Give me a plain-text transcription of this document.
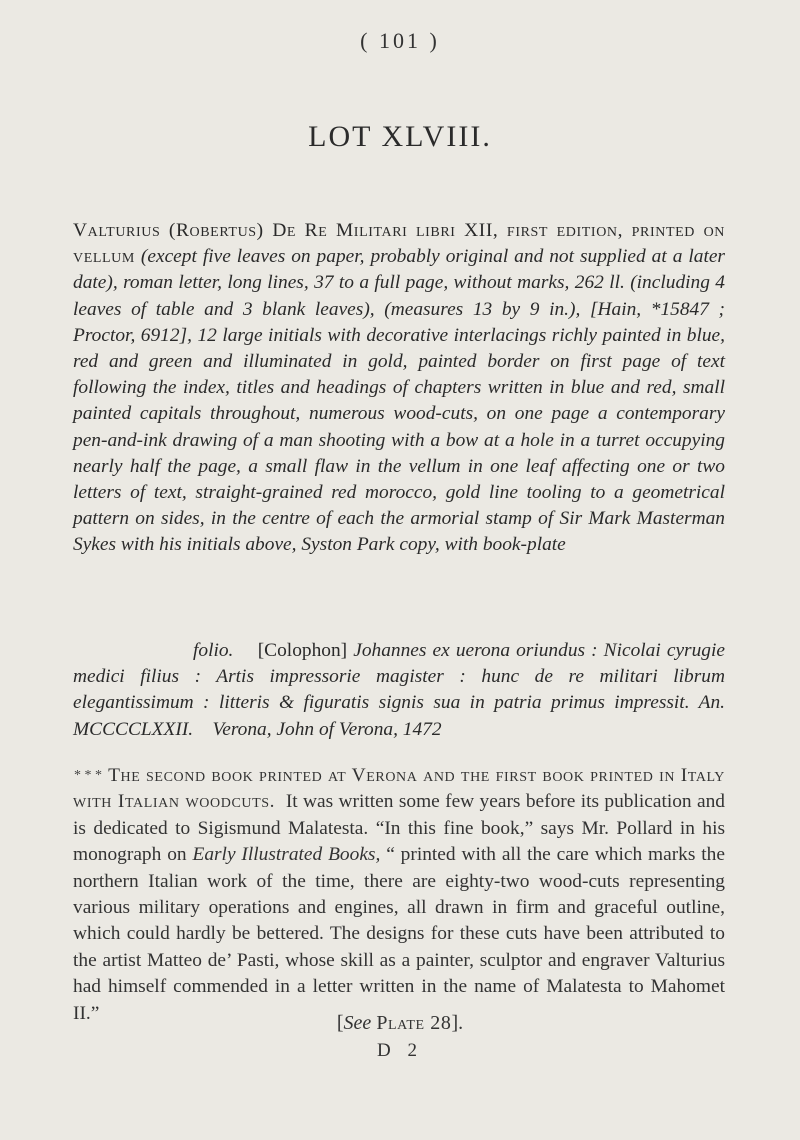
( 101 )
LOT XLVIII.

Valturius (Robertus) De Re Militari libri XII, first edition, printed on vellum (except five leaves on paper, probably original and not supplied at a later date), roman letter, long lines, 37 to a full page, without marks, 262 ll. (including 4 leaves of table and 3 blank leaves), (measures 13 by 9 in.), [Hain, *15847 ; Proctor, 6912], 12 large initials with decorative interlacings richly painted in blue, red and green and illuminated in gold, painted border on first page of text following the index, titles and headings of chapters written in blue and red, small painted capitals throughout, numerous wood-cuts, on one page a contemporary pen-and-ink drawing of a man shooting with a bow at a hole in a turret occupying nearly half the page, a small flaw in the vellum in one leaf affecting one or two letters of text, straight-grained red morocco, gold line tooling to a geometrical pattern on sides, in the centre of each the armorial stamp of Sir Mark Masterman Sykes with his initials above, Syston Park copy, with book-plate

folio. [Colophon] Johannes ex uerona oriundus : Nicolai cyrugie medici filius : Artis impressorie magister : hunc de re militari librum elegantissimum : litteris & figuratis signis sua in patria primus impressit. An. MCCCCLXXII. Verona, John of Verona, 1472

* * * The second book printed at Verona and the first book printed in Italy with Italian woodcuts. It was written some few years before its publication and is dedicated to Sigismund Malatesta. “In this fine book,” says Mr. Pollard in his monograph on Early Illustrated Books, “ printed with all the care which marks the northern Italian work of the time, there are eighty-two wood-cuts representing various military operations and engines, all drawn in firm and graceful outline, which could hardly be bettered. The designs for these cuts have been attributed to the artist Matteo de’ Pasti, whose skill as a painter, sculptor and engraver Valturius had himself commended in a letter written in the name of Malatesta to Mahomet II.”	[See Plate 28].
D 2
